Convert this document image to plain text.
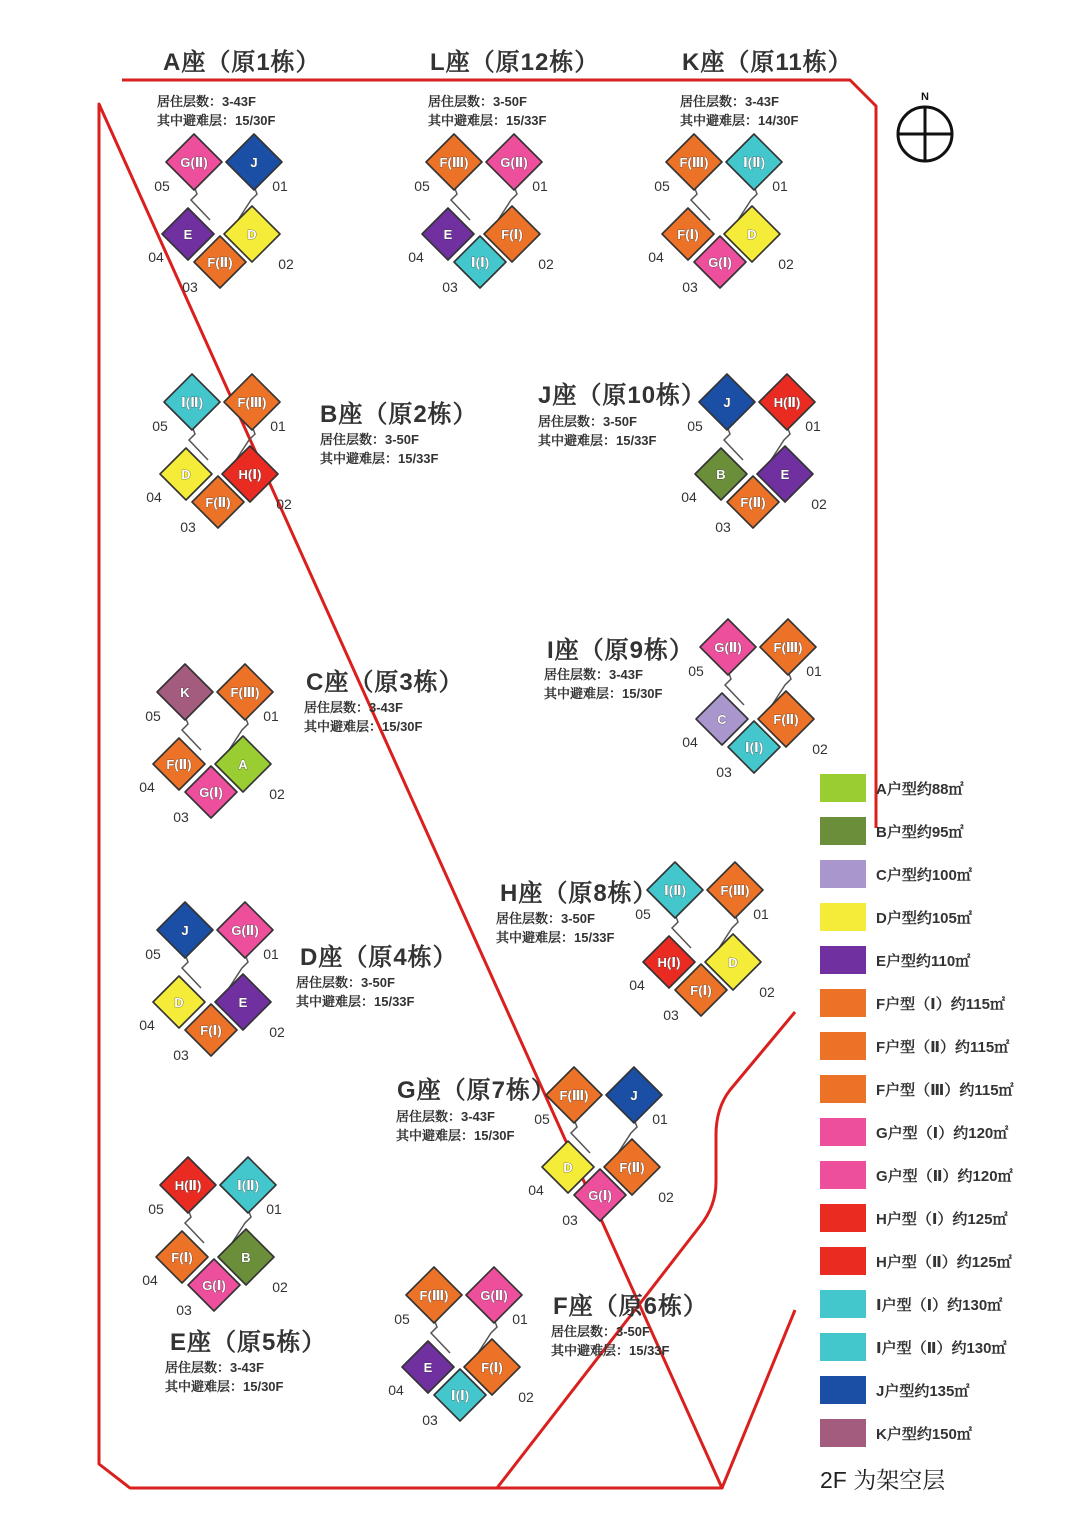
N
G(Ⅱ)
05
J
01
E
04
D
02
F(Ⅱ)
03
F(Ⅲ)
05
G(Ⅱ)
01
E
04
F(Ⅰ)
02
Ⅰ(Ⅰ)
03
F(Ⅲ)
05
Ⅰ(Ⅱ)
01
F(Ⅰ)
04
D
02
G(Ⅰ)
03
Ⅰ(Ⅱ)
05
F(Ⅲ)
01
D
04
H(Ⅰ)
02
F(Ⅱ)
03
J
05
H(Ⅱ)
01
B
04
E
02
F(Ⅱ)
03
K
05
F(Ⅲ)
01
F(Ⅱ)
04
A
02
G(Ⅰ)
03
G(Ⅱ)
05
F(Ⅲ)
01
C
04
F(Ⅱ)
02
Ⅰ(Ⅰ)
03
Ⅰ(Ⅱ)
05
F(Ⅲ)
01
H(Ⅰ)
04
D
02
F(Ⅰ)
03
J
05
G(Ⅱ)
01
D
04
E
02
F(Ⅰ)
03
F(Ⅲ)
05
J
01
D
04
F(Ⅱ)
02
G(Ⅰ)
03
H(Ⅱ)
05
Ⅰ(Ⅱ)
01
F(Ⅰ)
04
B
02
G(Ⅰ)
03
F(Ⅲ)
05
G(Ⅱ)
01
E
04
F(Ⅰ)
02
Ⅰ(Ⅰ)
03
A座（原1栋）
居住层数：3-43F
其中避难层：15/30F
L座（原12栋）
居住层数：3-50F
其中避难层：15/33F
K座（原11栋）
居住层数：3-43F
其中避难层：14/30F
B座（原2栋）
居住层数：3-50F
其中避难层：15/33F
J座（原10栋）
居住层数：3-50F
其中避难层：15/33F
C座（原3栋）
居住层数：3-43F
其中避难层：15/30F
I座（原9栋）
居住层数：3-43F
其中避难层：15/30F
H座（原8栋）
居住层数：3-50F
其中避难层：15/33F
D座（原4栋）
居住层数：3-50F
其中避难层：15/33F
G座（原7栋）
居住层数：3-43F
其中避难层：15/30F
E座（原5栋）
居住层数：3-43F
其中避难层：15/30F
F座（原6栋）
居住层数：3-50F
其中避难层：15/33F
A户型约88㎡
B户型约95㎡
C户型约100㎡
D户型约105㎡
E户型约110㎡
F户型（Ⅰ）约115㎡
F户型（Ⅱ）约115㎡
F户型（Ⅲ）约115㎡
G户型（Ⅰ）约120㎡
G户型（Ⅱ）约120㎡
H户型（Ⅰ）约125㎡
H户型（Ⅱ）约125㎡
Ⅰ户型（Ⅰ）约130㎡
Ⅰ户型（Ⅱ）约130㎡
J户型约135㎡
K户型约150㎡
2F 为架空层
